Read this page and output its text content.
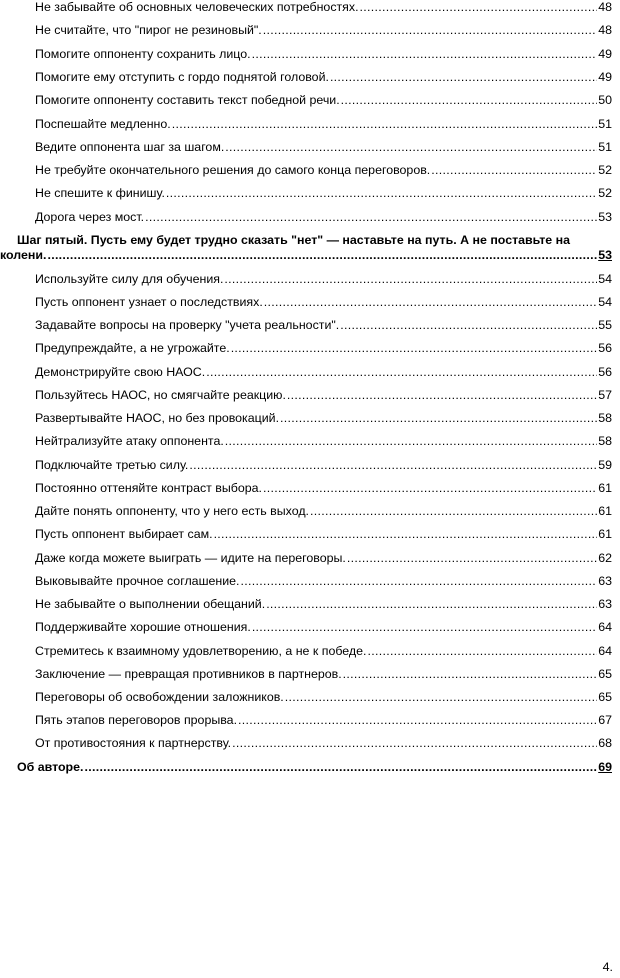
Не забывайте об основных человеческих потребностях. .....	48
Не считайте, что "пирог не резиновый". .....	48
Помогите оппоненту сохранить лицо. .....	49
Помогите ему отступить с гордо поднятой головой. .....	49
Помогите оппоненту составить текст победной речи. .....	50
Поспешайте медленно. .....	51
Ведите оппонента шаг за шагом. .....	51
Не требуйте окончательного решения до самого конца переговоров. .....	52
Не спешите к финишу. .....	52
Дорога через мост. .....	53
Шаг пятый. Пусть ему будет трудно сказать "нет" — наставьте на путь. А не поставьте на
колени. .....	53
Используйте силу для обучения. .....	54
Пусть оппонент узнает о последствиях. .....	54
Задавайте вопросы на проверку "учета реальности". .....	55
Предупреждайте, а не угрожайте. .....	56
Демонстрируйте свою НАОС. .....	56
Пользуйтесь НАОС, но смягчайте реакцию. .....	57
Развертывайте НАОС, но без провокаций. .....	58
Нейтрализуйте атаку оппонента. .....	58
Подключайте третью силу. .....	59
Постоянно оттеняйте контраст выбора. .....	61
Дайте понять оппоненту, что у него есть выход. .....	61
Пусть оппонент выбирает сам. .....	61
Даже когда можете выиграть — идите на переговоры. .....	62
Выковывайте прочное соглашение. .....	63
Не забывайте о выполнении обещаний. .....	63
Поддерживайте хорошие отношения. .....	64
Стремитесь к взаимному удовлетворению, а не к победе. .....	64
Заключение — превращая противников в партнеров. .....	65
Переговоры об освобождении заложников. .....	65
Пять этапов переговоров прорыва. .....	67
От противостояния к партнерству. .....	68
Об авторе. .....	69
4.
